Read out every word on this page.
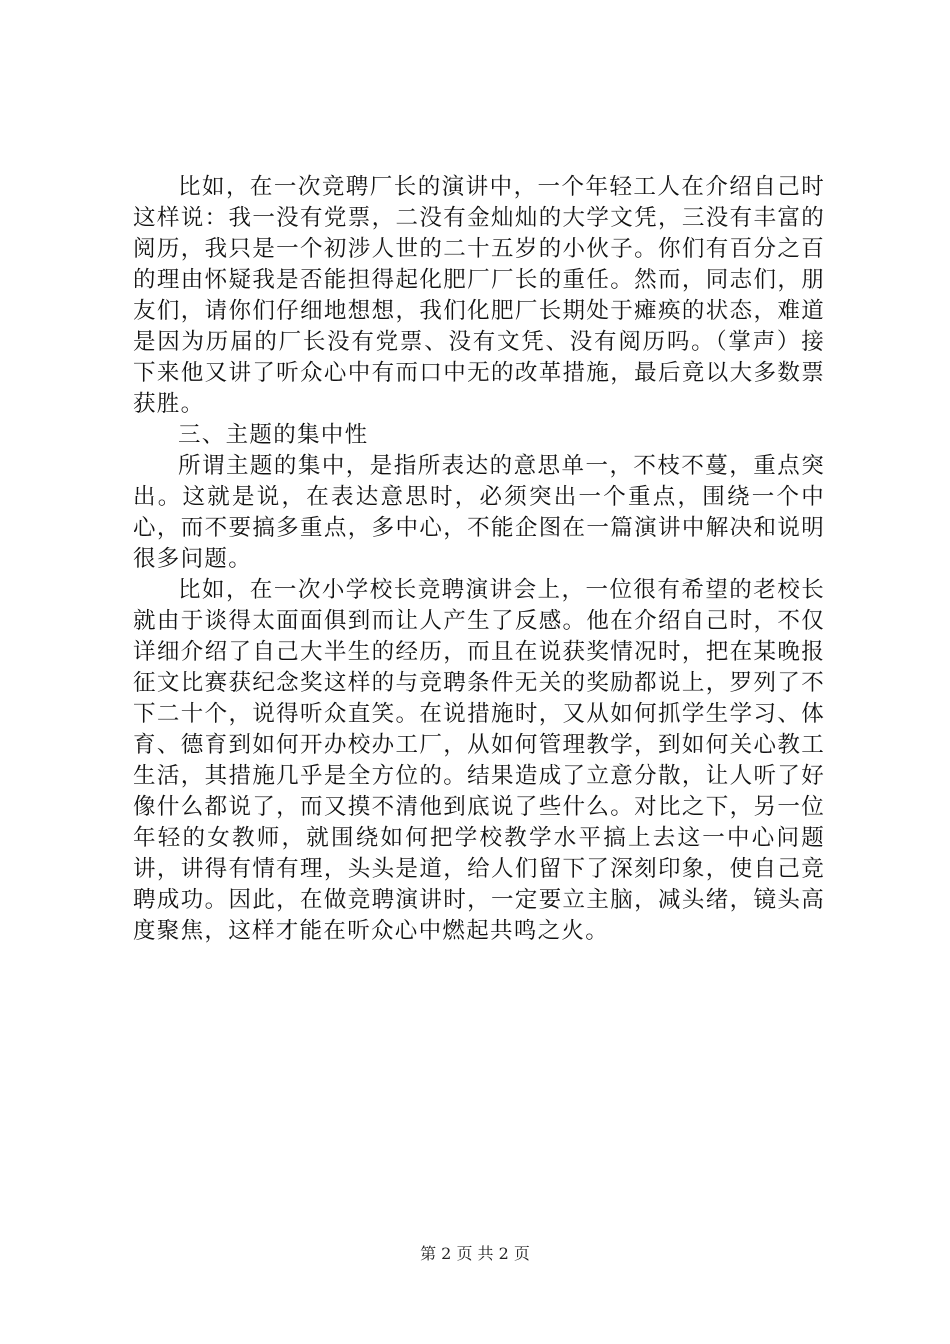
比如，在一次竞聘厂长的演讲中，一个年轻工人在介绍自己时这样说：我一没有党票，二没有金灿灿的大学文凭，三没有丰富的阅历，我只是一个初涉人世的二十五岁的小伙子。你们有百分之百的理由怀疑我是否能担得起化肥厂厂长的重任。然而，同志们，朋友们，请你们仔细地想想，我们化肥厂长期处于瘫痪的状态，难道是因为历届的厂长没有党票、没有文凭、没有阅历吗。（掌声）接下来他又讲了听众心中有而口中无的改革措施，最后竟以大多数票获胜。

三、主题的集中性

所谓主题的集中，是指所表达的意思单一，不枝不蔓，重点突出。这就是说，在表达意思时，必须突出一个重点，围绕一个中心，而不要搞多重点，多中心，不能企图在一篇演讲中解决和说明很多问题。

比如，在一次小学校长竞聘演讲会上，一位很有希望的老校长就由于谈得太面面俱到而让人产生了反感。他在介绍自己时，不仅详细介绍了自己大半生的经历，而且在说获奖情况时，把在某晚报征文比赛获纪念奖这样的与竞聘条件无关的奖励都说上，罗列了不下二十个，说得听众直笑。在说措施时，又从如何抓学生学习、体育、德育到如何开办校办工厂，从如何管理教学，到如何关心教工生活，其措施几乎是全方位的。结果造成了立意分散，让人听了好像什么都说了，而又摸不清他到底说了些什么。对比之下，另一位年轻的女教师，就围绕如何把学校教学水平搞上去这一中心问题讲，讲得有情有理，头头是道，给人们留下了深刻印象，使自己竞聘成功。因此，在做竞聘演讲时，一定要立主脑，减头绪，镜头高度聚焦，这样才能在听众心中燃起共鸣之火。

第 2 页 共 2 页
